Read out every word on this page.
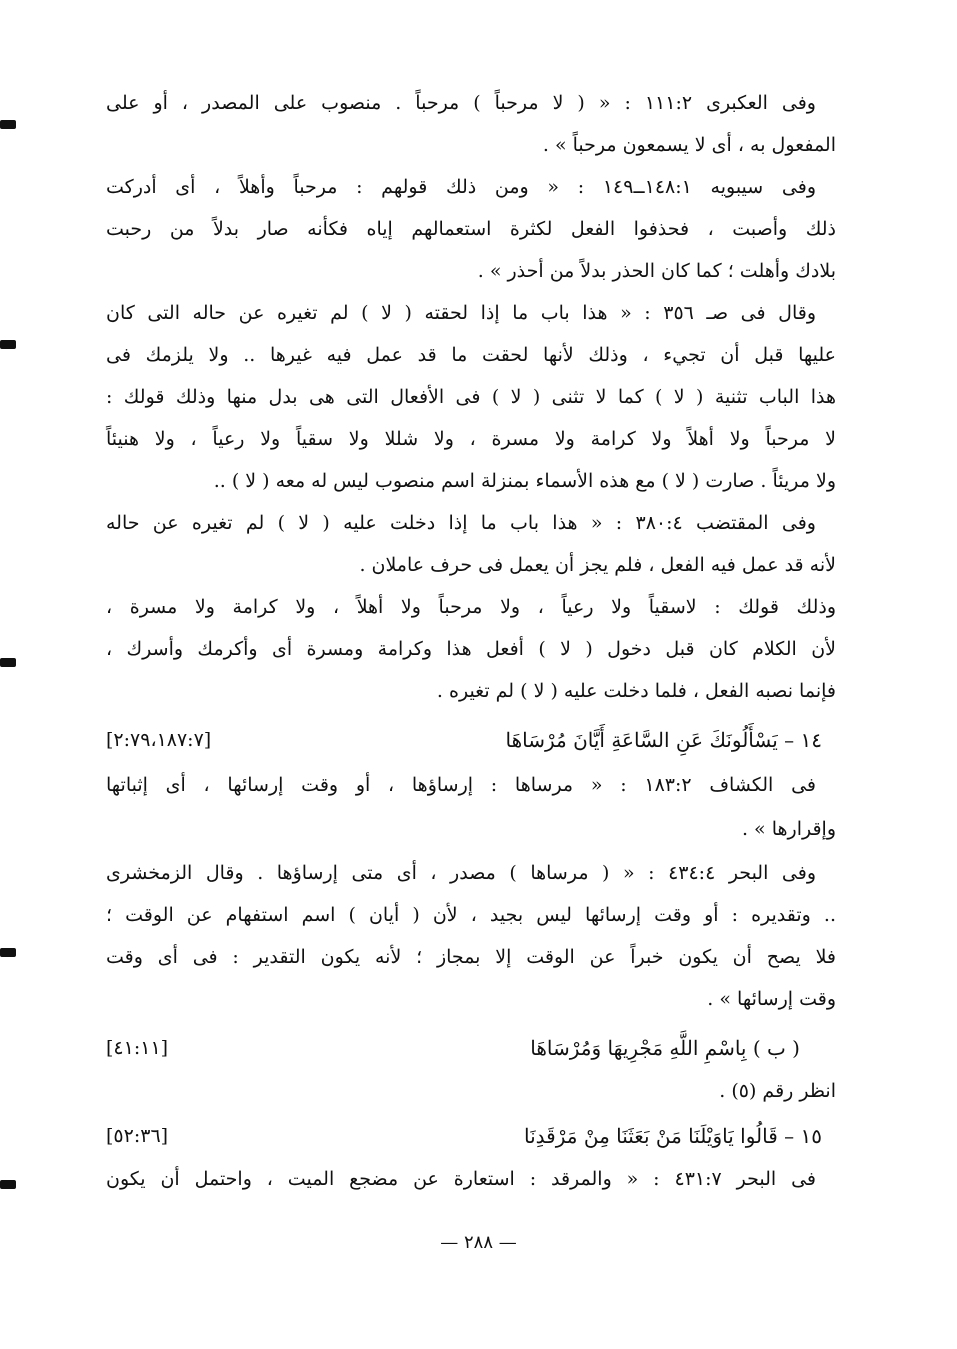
وفى العكبرى ١١١:٢ : « ( لا مرحباً ) مرحباً . منصوب على المصدر ، أو على
المفعول به ، أى لا يسمعون مرحباً » .
وفى سيبويه ١٤٨:١ــ١٤٩ : « ومن ذلك قولهم : مرحباً وأهلاً ، أى أدركت
ذلك وأصبت ، فحذفوا الفعل لكثرة استعمالهم إياه فكأنه صار بدلاً من رحبت
بلادك وأهلت ؛ كما كان الحذر بدلاً من أحذر » .
وقال فى صـ ٣٥٦ : « هذا باب ما إذا لحقته ( لا ) لم تغيره عن حاله التى كان
عليها قبل أن تجيء ، وذلك لأنها لحقت ما قد عمل فيه غيرها .. ولا يلزمك فى
هذا الباب تثنية ( لا ) كما لا تثنى ( لا ) فى الأفعال التى هى بدل منها وذلك قولك :
لا مرحباً ولا أهلاً ولا كرامة ولا مسرة ، ولا شللا ولا سقياً ولا رعياً ، ولا هنيئاً
ولا مريئاً . صارت ( لا ) مع هذه الأسماء بمنزلة اسم منصوب ليس له معه ( لا ) ..
وفى المقتضب ٣٨٠:٤ : « هذا باب ما إذا دخلت عليه ( لا ) لم تغيره عن حاله
لأنه قد عمل فيه الفعل ، فلم يجز أن يعمل فى حرف عاملان .
وذلك قولك : لاسقياً ولا رعياً ، ولا مرحباً ولا أهلاً ، ولا كرامة ولا مسرة ،
لأن الكلام كان قبل دخول ( لا ) أفعل هذا وكرامة ومسرة أى وأكرمك وأسرك ،
فإنما نصبه الفعل ، فلما دخلت عليه ( لا ) لم تغيره .
١٤ – يَسْأَلُونَكَ عَنِ السَّاعَةِ أَيَّانَ مُرْسَاهَا
[٢:٧٩،١٨٧:٧]
فى الكشاف ١٨٣:٢ : « مرساها : إرساؤها ، أو وقت إرسائها ، أى إثباتها
وإقرارها » .
وفى البحر ٤٣٤:٤ : « ( مرساها ) مصدر ، أى متى إرساؤها . وقال الزمخشرى
.. وتقديره : أو وقت إرسائها ليس بجيد ، لأن ( أيان ) اسم استفهام عن الوقت ؛
فلا يصح أن يكون خبراً عن الوقت إلا بمجاز ؛ لأنه يكون التقدير : فى أى وقت
وقت إرسائها » .
( ب ) بِاسْمِ اللَّهِ مَجْرِيهَا وَمُرْسَاهَا
[٤١:١١]
انظر رقم (٥) .
١٥ – قَالُوا يَاوَيْلَنَا مَنْ بَعَثَنَا مِنْ مَرْقَدِنَا
[٥٢:٣٦]
فى البحر ٤٣١:٧ : « والمرقد : استعارة عن مضجع الميت ، واحتمل أن يكون
— ٢٨٨ —
